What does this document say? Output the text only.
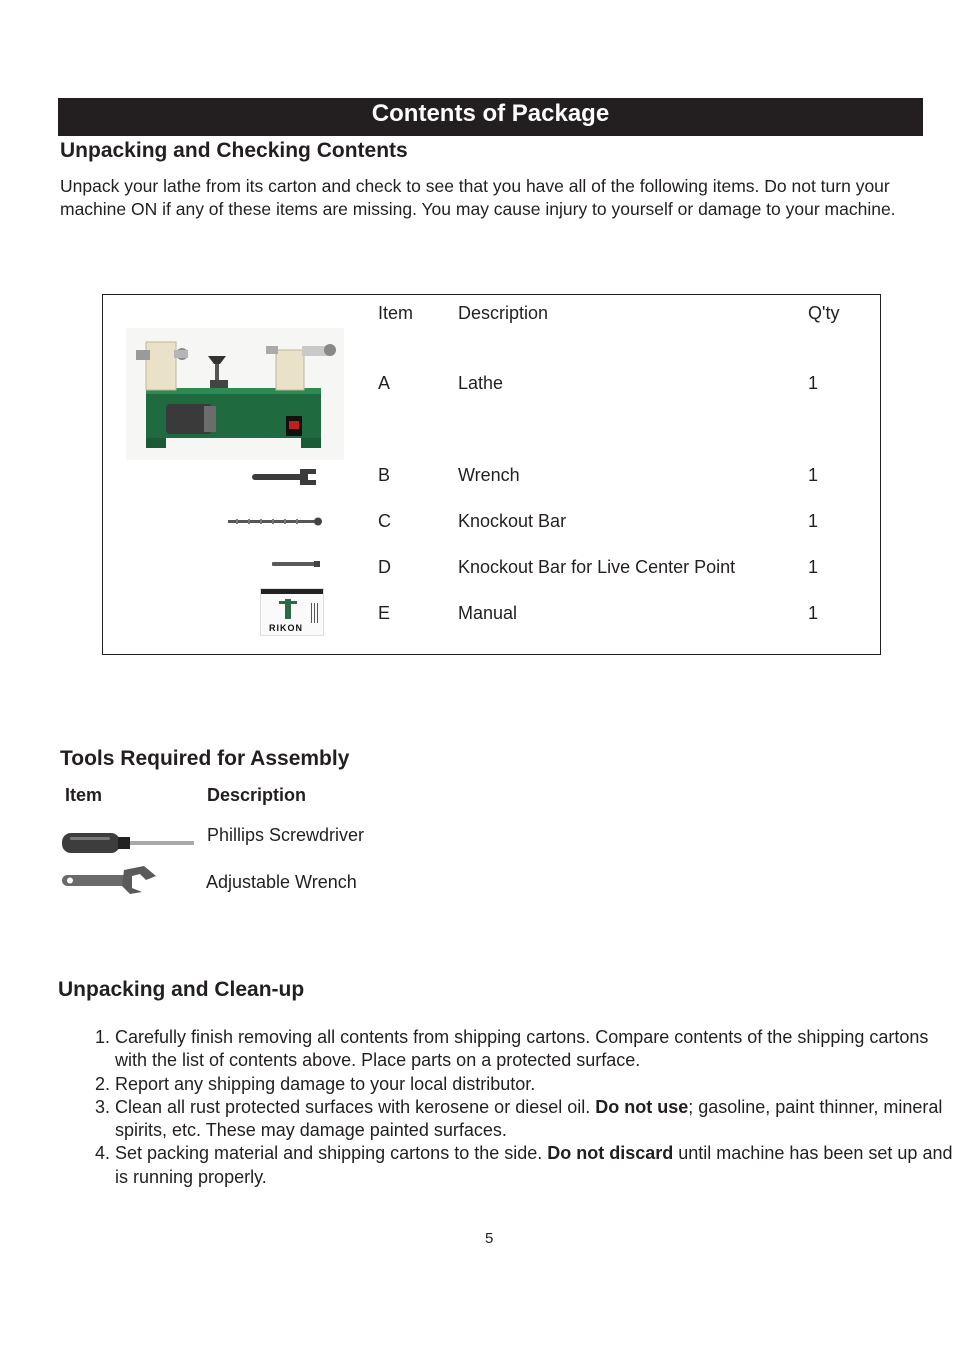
Contents of Package
Unpacking and Checking Contents
Unpack your lathe from its carton and check to see that you have all of the following items. Do not turn your machine ON if any of these items are missing. You may cause injury to yourself or damage to your machine.
Item Description	Q'ty
RIKON
A	Lathe	1
B	Wrench	1
C	Knockout Bar	1
D	Knockout Bar for Live Center Point	1
E	Manual	1
Tools Required for Assembly
Item	Description
Phillips Screwdriver
Adjustable Wrench
Unpacking and Clean-up
1. Carefully finish removing all contents from shipping cartons. Compare contents of the shipping cartons with the list of contents above. Place parts on a protected surface.
2. Report any shipping damage to your local distributor.
3. Clean all rust protected surfaces with kerosene or diesel oil. Do not use; gasoline, paint thinner, mineral spirits, etc. These may damage painted surfaces.
4. Set packing material and shipping cartons to the side. Do not discard until machine has been set up and is running properly.
5
